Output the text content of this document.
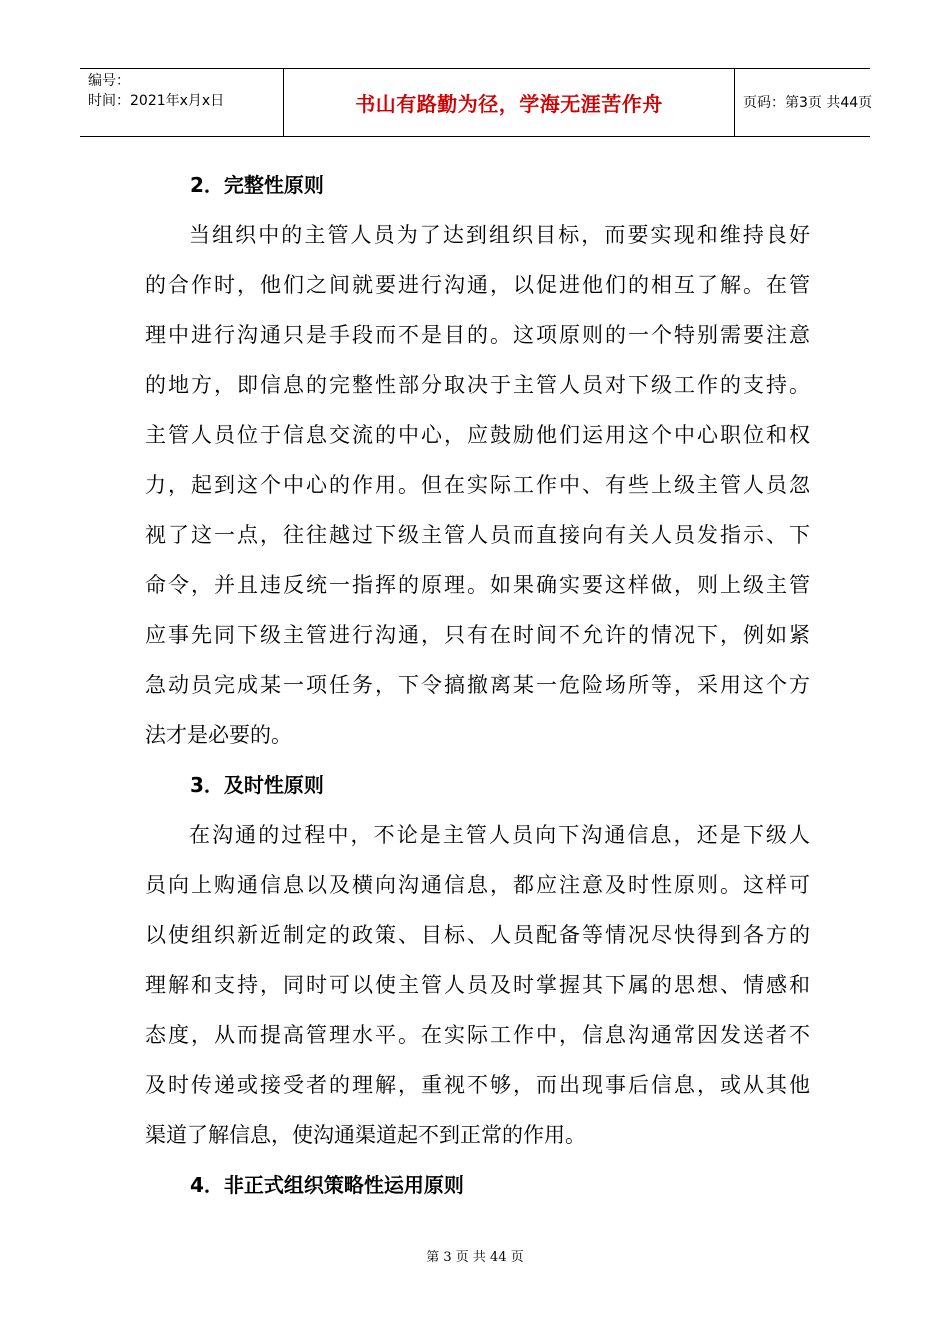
编号：
时间：2021年x月x日	书山有路勤为径，学海无涯苦作舟	页码：第3页 共44页
2．完整性原则
当组织中的主管人员为了达到组织目标，而要实现和维持良好
的合作时，他们之间就要进行沟通，以促进他们的相互了解。在管
理中进行沟通只是手段而不是目的。这项原则的一个特别需要注意
的地方，即信息的完整性部分取决于主管人员对下级工作的支持。
主管人员位于信息交流的中心，应鼓励他们运用这个中心职位和权
力，起到这个中心的作用。但在实际工作中、有些上级主管人员忽
视了这一点，往往越过下级主管人员而直接向有关人员发指示、下
命令，并且违反统一指挥的原理。如果确实要这样做，则上级主管
应事先同下级主管进行沟通，只有在时间不允许的情况下，例如紧
急动员完成某一项任务，下令搞撤离某一危险场所等，采用这个方
法才是必要的。
3．及时性原则
在沟通的过程中，不论是主管人员向下沟通信息，还是下级人
员向上购通信息以及横向沟通信息，都应注意及时性原则。这样可
以使组织新近制定的政策、目标、人员配备等情况尽快得到各方的
理解和支持，同时可以使主管人员及时掌握其下属的思想、情感和
态度，从而提高管理水平。在实际工作中，信息沟通常因发送者不
及时传递或接受者的理解，重视不够，而出现事后信息，或从其他
渠道了解信息，使沟通渠道起不到正常的作用。
4．非正式组织策略性运用原则
第 3 页 共 44 页
